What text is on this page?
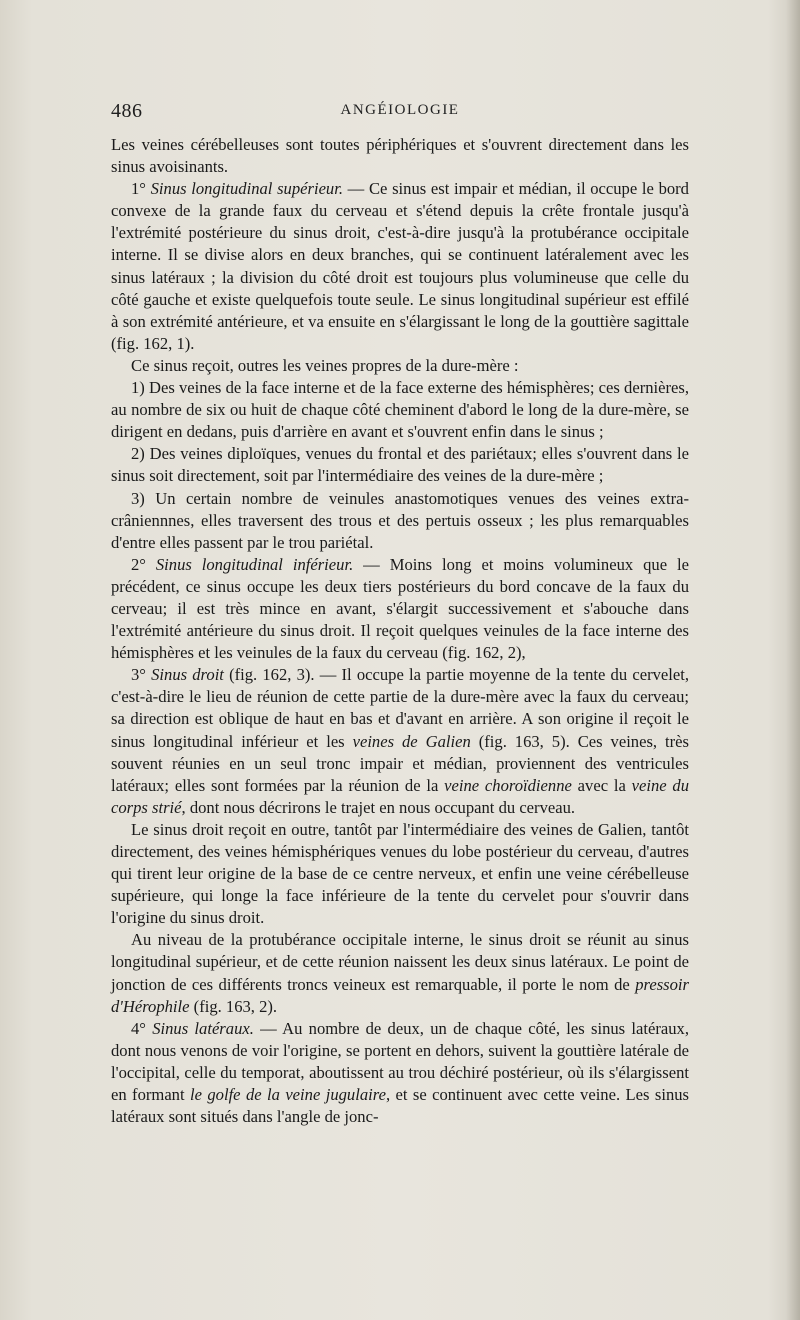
486	ANGÉIOLOGIE

Les veines cérébelleuses sont toutes périphériques et s'ouvrent directement dans les sinus avoisinants.

1° Sinus longitudinal supérieur. — Ce sinus est impair et médian, il occupe le bord convexe de la grande faux du cerveau et s'étend depuis la crête frontale jusqu'à l'extrémité postérieure du sinus droit, c'est-à-dire jusqu'à la protubérance occipitale interne. Il se divise alors en deux branches, qui se continuent latéralement avec les sinus latéraux ; la division du côté droit est toujours plus volumineuse que celle du côté gauche et existe quelquefois toute seule. Le sinus longitudinal supérieur est effilé à son extrémité antérieure, et va ensuite en s'élargissant le long de la gouttière sagittale (fig. 162, 1).

Ce sinus reçoit, outres les veines propres de la dure-mère :

1) Des veines de la face interne et de la face externe des hémisphères; ces dernières, au nombre de six ou huit de chaque côté cheminent d'abord le long de la dure-mère, se dirigent en dedans, puis d'arrière en avant et s'ouvrent enfin dans le sinus ;

2) Des veines diploïques, venues du frontal et des pariétaux; elles s'ouvrent dans le sinus soit directement, soit par l'intermédiaire des veines de la dure-mère ;

3) Un certain nombre de veinules anastomotiques venues des veines extra-crâniennnes, elles traversent des trous et des pertuis osseux ; les plus remarquables d'entre elles passent par le trou pariétal.

2° Sinus longitudinal inférieur. — Moins long et moins volumineux que le précédent, ce sinus occupe les deux tiers postérieurs du bord concave de la faux du cerveau; il est très mince en avant, s'élargit successivement et s'abouche dans l'extrémité antérieure du sinus droit. Il reçoit quelques veinules de la face interne des hémisphères et les veinules de la faux du cerveau (fig. 162, 2),

3° Sinus droit (fig. 162, 3). — Il occupe la partie moyenne de la tente du cervelet, c'est-à-dire le lieu de réunion de cette partie de la dure-mère avec la faux du cerveau; sa direction est oblique de haut en bas et d'avant en arrière. A son origine il reçoit le sinus longitudinal inférieur et les veines de Galien (fig. 163, 5). Ces veines, très souvent réunies en un seul tronc impair et médian, proviennent des ventricules latéraux; elles sont formées par la réunion de la veine choroïdienne avec la veine du corps strié, dont nous décrirons le trajet en nous occupant du cerveau.

Le sinus droit reçoit en outre, tantôt par l'intermédiaire des veines de Galien, tantôt directement, des veines hémisphériques venues du lobe postérieur du cerveau, d'autres qui tirent leur origine de la base de ce centre nerveux, et enfin une veine cérébelleuse supérieure, qui longe la face inférieure de la tente du cervelet pour s'ouvrir dans l'origine du sinus droit.

Au niveau de la protubérance occipitale interne, le sinus droit se réunit au sinus longitudinal supérieur, et de cette réunion naissent les deux sinus latéraux. Le point de jonction de ces différents troncs veineux est remarquable, il porte le nom de pressoir d'Hérophile (fig. 163, 2).

4° Sinus latéraux. — Au nombre de deux, un de chaque côté, les sinus latéraux, dont nous venons de voir l'origine, se portent en dehors, suivent la gouttière latérale de l'occipital, celle du temporat, aboutissent au trou déchiré postérieur, où ils s'élargissent en formant le golfe de la veine jugulaire, et se continuent avec cette veine. Les sinus latéraux sont situés dans l'angle de jonc-
